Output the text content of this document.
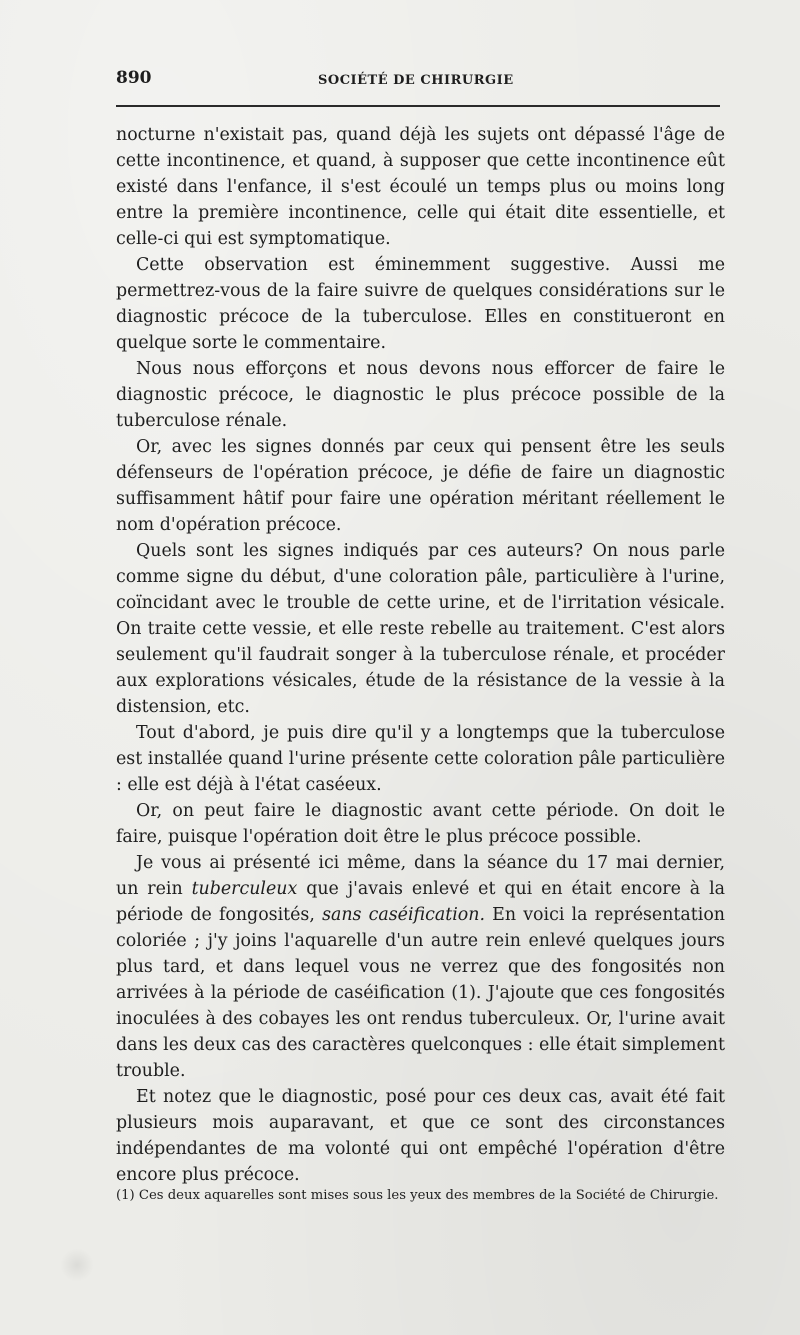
890	SOCIÉTÉ DE CHIRURGIE

nocturne n'existait pas, quand déjà les sujets ont dépassé l'âge de cette incontinence, et quand, à supposer que cette incontinence eût existé dans l'enfance, il s'est écoulé un temps plus ou moins long entre la première incontinence, celle qui était dite essentielle, et celle-ci qui est symptomatique.

Cette observation est éminemment suggestive. Aussi me permettrez-vous de la faire suivre de quelques considérations sur le diagnostic précoce de la tuberculose. Elles en constitueront en quelque sorte le commentaire.

Nous nous efforçons et nous devons nous efforcer de faire le diagnostic précoce, le diagnostic le plus précoce possible de la tuberculose rénale.

Or, avec les signes donnés par ceux qui pensent être les seuls défenseurs de l'opération précoce, je défie de faire un diagnostic suffisamment hâtif pour faire une opération méritant réellement le nom d'opération précoce.

Quels sont les signes indiqués par ces auteurs? On nous parle comme signe du début, d'une coloration pâle, particulière à l'urine, coïncidant avec le trouble de cette urine, et de l'irritation vésicale. On traite cette vessie, et elle reste rebelle au traitement. C'est alors seulement qu'il faudrait songer à la tuberculose rénale, et procéder aux explorations vésicales, étude de la résistance de la vessie à la distension, etc.

Tout d'abord, je puis dire qu'il y a longtemps que la tuberculose est installée quand l'urine présente cette coloration pâle particulière : elle est déjà à l'état caséeux.

Or, on peut faire le diagnostic avant cette période. On doit le faire, puisque l'opération doit être le plus précoce possible.

Je vous ai présenté ici même, dans la séance du 17 mai dernier, un rein tuberculeux que j'avais enlevé et qui en était encore à la période de fongosités, sans caséification. En voici la représentation coloriée ; j'y joins l'aquarelle d'un autre rein enlevé quelques jours plus tard, et dans lequel vous ne verrez que des fongosités non arrivées à la période de caséification (1). J'ajoute que ces fongosités inoculées à des cobayes les ont rendus tuberculeux. Or, l'urine avait dans les deux cas des caractères quelconques : elle était simplement trouble.

Et notez que le diagnostic, posé pour ces deux cas, avait été fait plusieurs mois auparavant, et que ce sont des circonstances indépendantes de ma volonté qui ont empêché l'opération d'être encore plus précoce.

(1) Ces deux aquarelles sont mises sous les yeux des membres de la Société de Chirurgie.
